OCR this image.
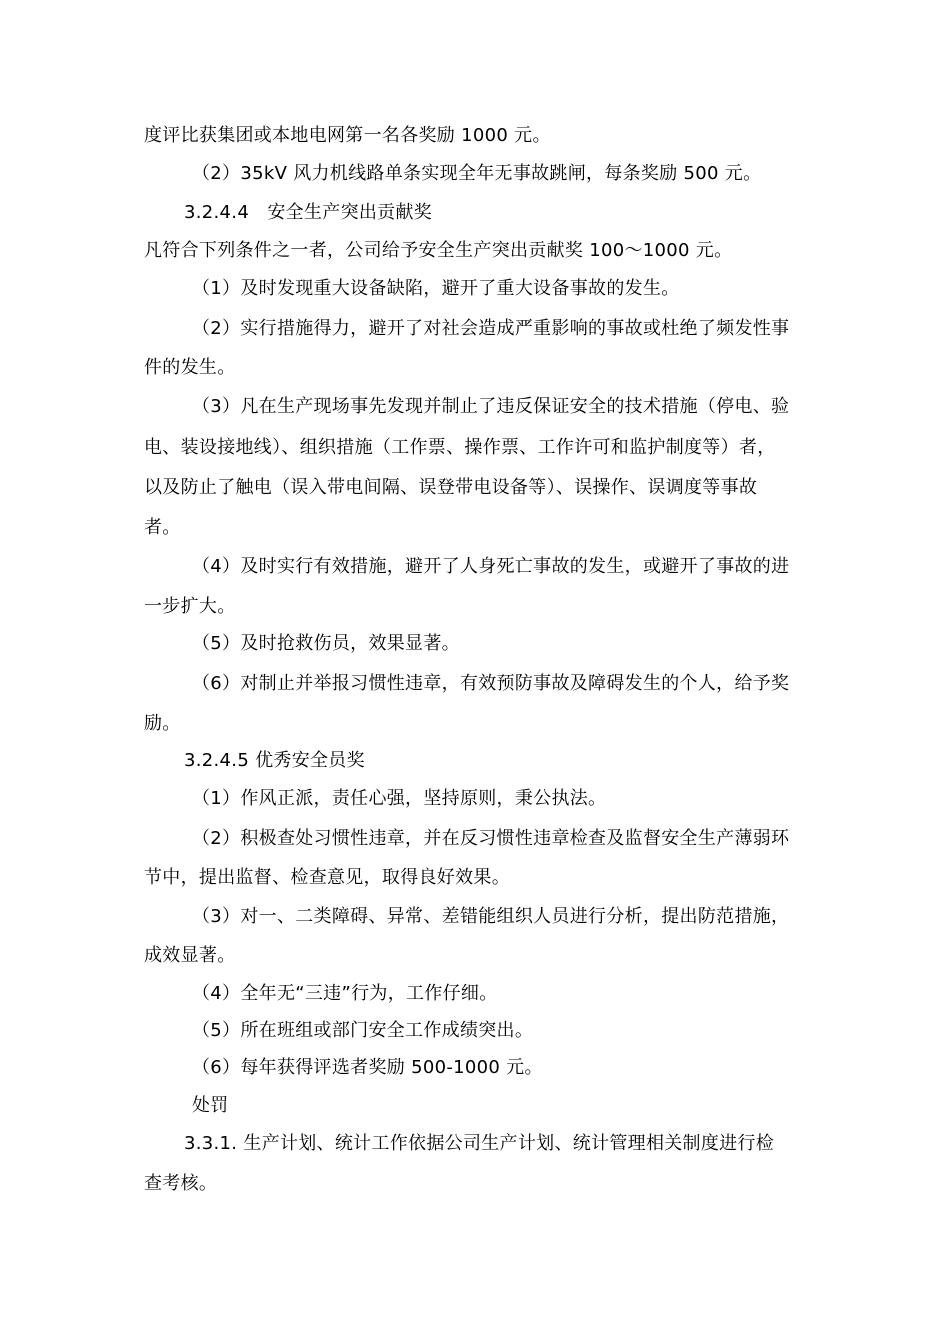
度评比获集团或本地电网第一名各奖励 1000 元。
（2）35kV 风力机线路单条实现全年无事故跳闸，每条奖励 500 元。
3.2.4.4　安全生产突出贡献奖
凡符合下列条件之一者，公司给予安全生产突出贡献奖 100～1000 元。
（1）及时发现重大设备缺陷，避开了重大设备事故的发生。
（2）实行措施得力，避开了对社会造成严重影响的事故或杜绝了频发性事
件的发生。
（3）凡在生产现场事先发现并制止了违反保证安全的技术措施（停电、验
电、装设接地线）、组织措施（工作票、操作票、工作许可和监护制度等）者，
以及防止了触电（误入带电间隔、误登带电设备等）、误操作、误调度等事故
者。
（4）及时实行有效措施，避开了人身死亡事故的发生，或避开了事故的进
一步扩大。
（5）及时抢救伤员，效果显著。
（6）对制止并举报习惯性违章，有效预防事故及障碍发生的个人，给予奖
励。
3.2.4.5 优秀安全员奖
（1）作风正派，责任心强，坚持原则，秉公执法。
（2）积极查处习惯性违章，并在反习惯性违章检查及监督安全生产薄弱环
节中，提出监督、检查意见，取得良好效果。
（3）对一、二类障碍、异常、差错能组织人员进行分析，提出防范措施，
成效显著。
（4）全年无“三违”行为，工作仔细。
（5）所在班组或部门安全工作成绩突出。
（6）每年获得评选者奖励 500-1000 元。
处罚
3.3.1. 生产计划、统计工作依据公司生产计划、统计管理相关制度进行检
查考核。
